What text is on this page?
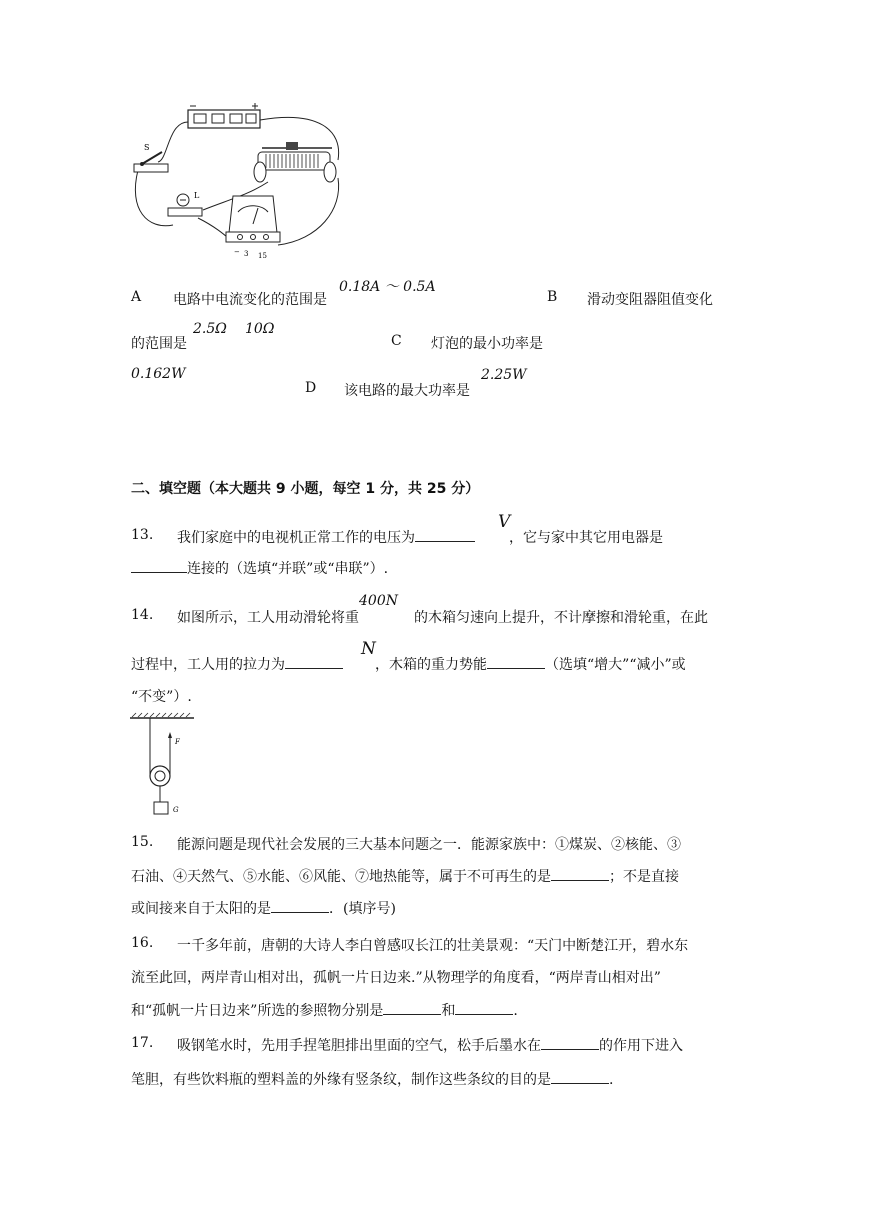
S
L
− 3 15
A 电路中电流变化的范围是
0.18A ～ 0.5A
B 滑动变阻器阻值变化
的范围是
2.5Ω 10Ω
C 灯泡的最小功率是
0.162W
D 该电路的最大功率是
2.25W
二、填空题（本大题共 9 小题，每空 1 分，共 25 分）
13. 我们家庭中的电视机正常工作的电压为
V
，它与家中其它用电器是
连接的（选填“并联”或“串联”）.
14. 如图所示，工人用动滑轮将重
400N
的木箱匀速向上提升，不计摩擦和滑轮重，在此
过程中，工人用的拉力为
N
，木箱的重力势能	（选填“增大”“减小”或
“不变”）.
F
G
15. 能源问题是现代社会发展的三大基本问题之一．能源家族中：①煤炭、②核能、③
石油、④天然气、⑤水能、⑥风能、⑦地热能等，属于不可再生的是	；不是直接
或间接来自于太阳的是	．(填序号)
16. 一千多年前，唐朝的大诗人李白曾感叹长江的壮美景观：“天门中断楚江开，碧水东
流至此回，两岸青山相对出，孤帆一片日边来.”从物理学的角度看，“两岸青山相对出”
和“孤帆一片日边来”所选的参照物分别是	和	.
17. 吸钢笔水时，先用手捏笔胆排出里面的空气，松手后墨水在	的作用下进入
笔胆，有些饮料瓶的塑料盖的外缘有竖条纹，制作这些条纹的目的是	.
